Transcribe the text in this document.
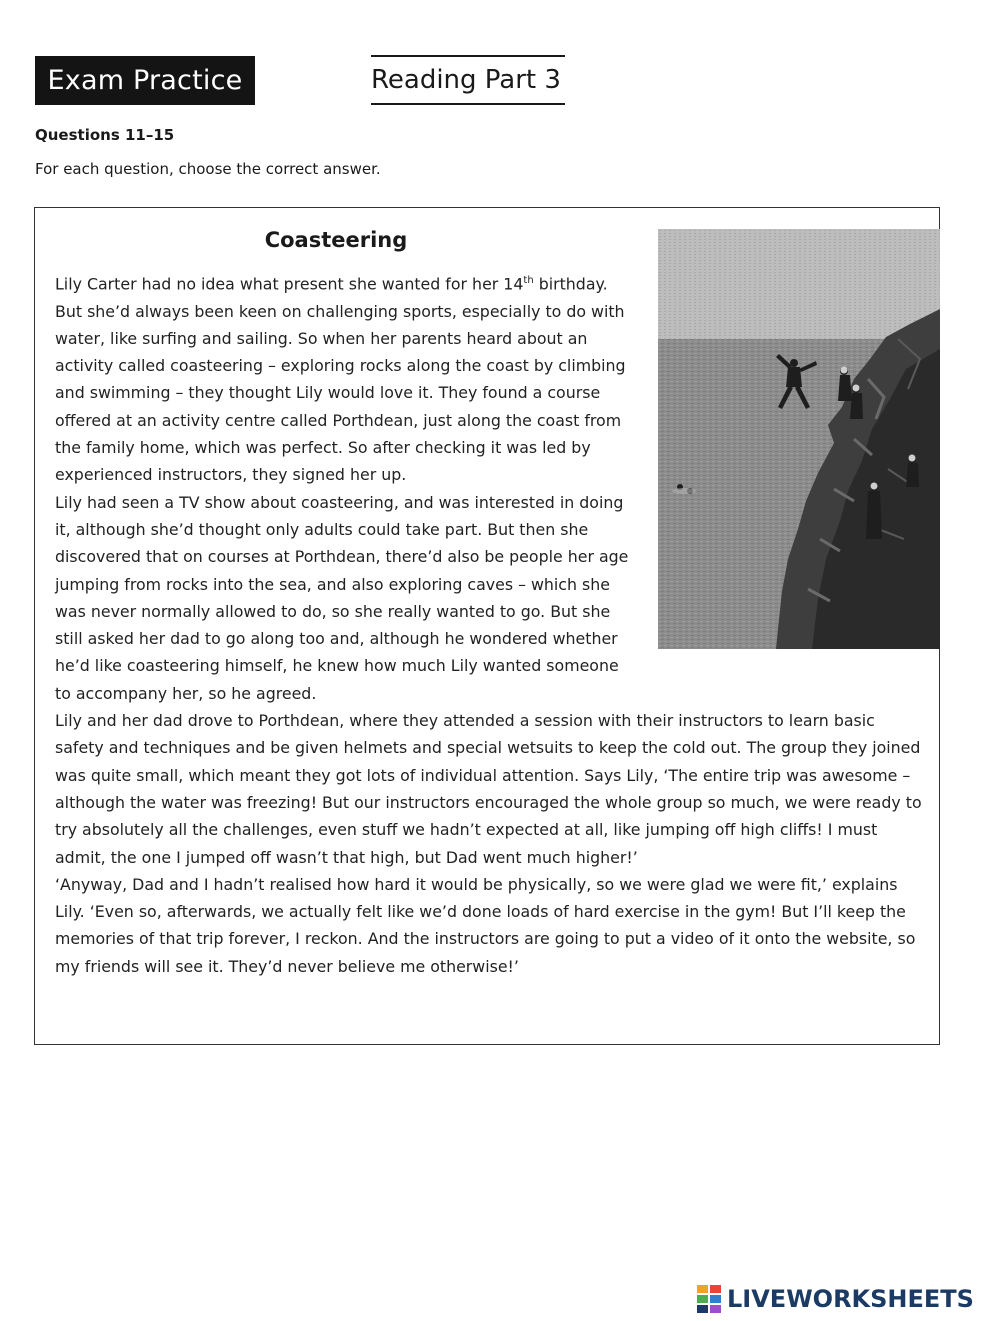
Exam Practice	Reading Part 3
Questions 11–15
For each question, choose the correct answer.
Coasteering

Lily Carter had no idea what present she wanted for her 14th birthday. But she’d always been keen on challenging sports, especially to do with water, like surfing and sailing. So when her parents heard about an activity called coasteering – exploring rocks along the coast by climbing and swimming – they thought Lily would love it. They found a course offered at an activity centre called Porthdean, just along the coast from the family home, which was perfect. So after checking it was led by experienced instructors, they signed her up.

Lily had seen a TV show about coasteering, and was interested in doing it, although she’d thought only adults could take part. But then she discovered that on courses at Porthdean, there’d also be people her age jumping from rocks into the sea, and also exploring caves – which she was never normally allowed to do, so she really wanted to go. But she still asked her dad to go along too and, although he wondered whether he’d like coasteering himself, he knew how much Lily wanted someone to accompany her, so he agreed.

Lily and her dad drove to Porthdean, where they attended a session with their instructors to learn basic safety and techniques and be given helmets and special wetsuits to keep the cold out. The group they joined was quite small, which meant they got lots of individual attention. Says Lily, ‘The entire trip was awesome – although the water was freezing! But our instructors encouraged the whole group so much, we were ready to try absolutely all the challenges, even stuff we hadn’t expected at all, like jumping off high cliffs! I must admit, the one I jumped off wasn’t that high, but Dad went much higher!’

‘Anyway, Dad and I hadn’t realised how hard it would be physically, so we were glad we were fit,’ explains Lily. ‘Even so, afterwards, we actually felt like we’d done loads of hard exercise in the gym! But I’ll keep the memories of that trip forever, I reckon. And the instructors are going to put a video of it onto the website, so my friends will see it. They’d never believe me otherwise!’

LIVEWORKSHEETS
